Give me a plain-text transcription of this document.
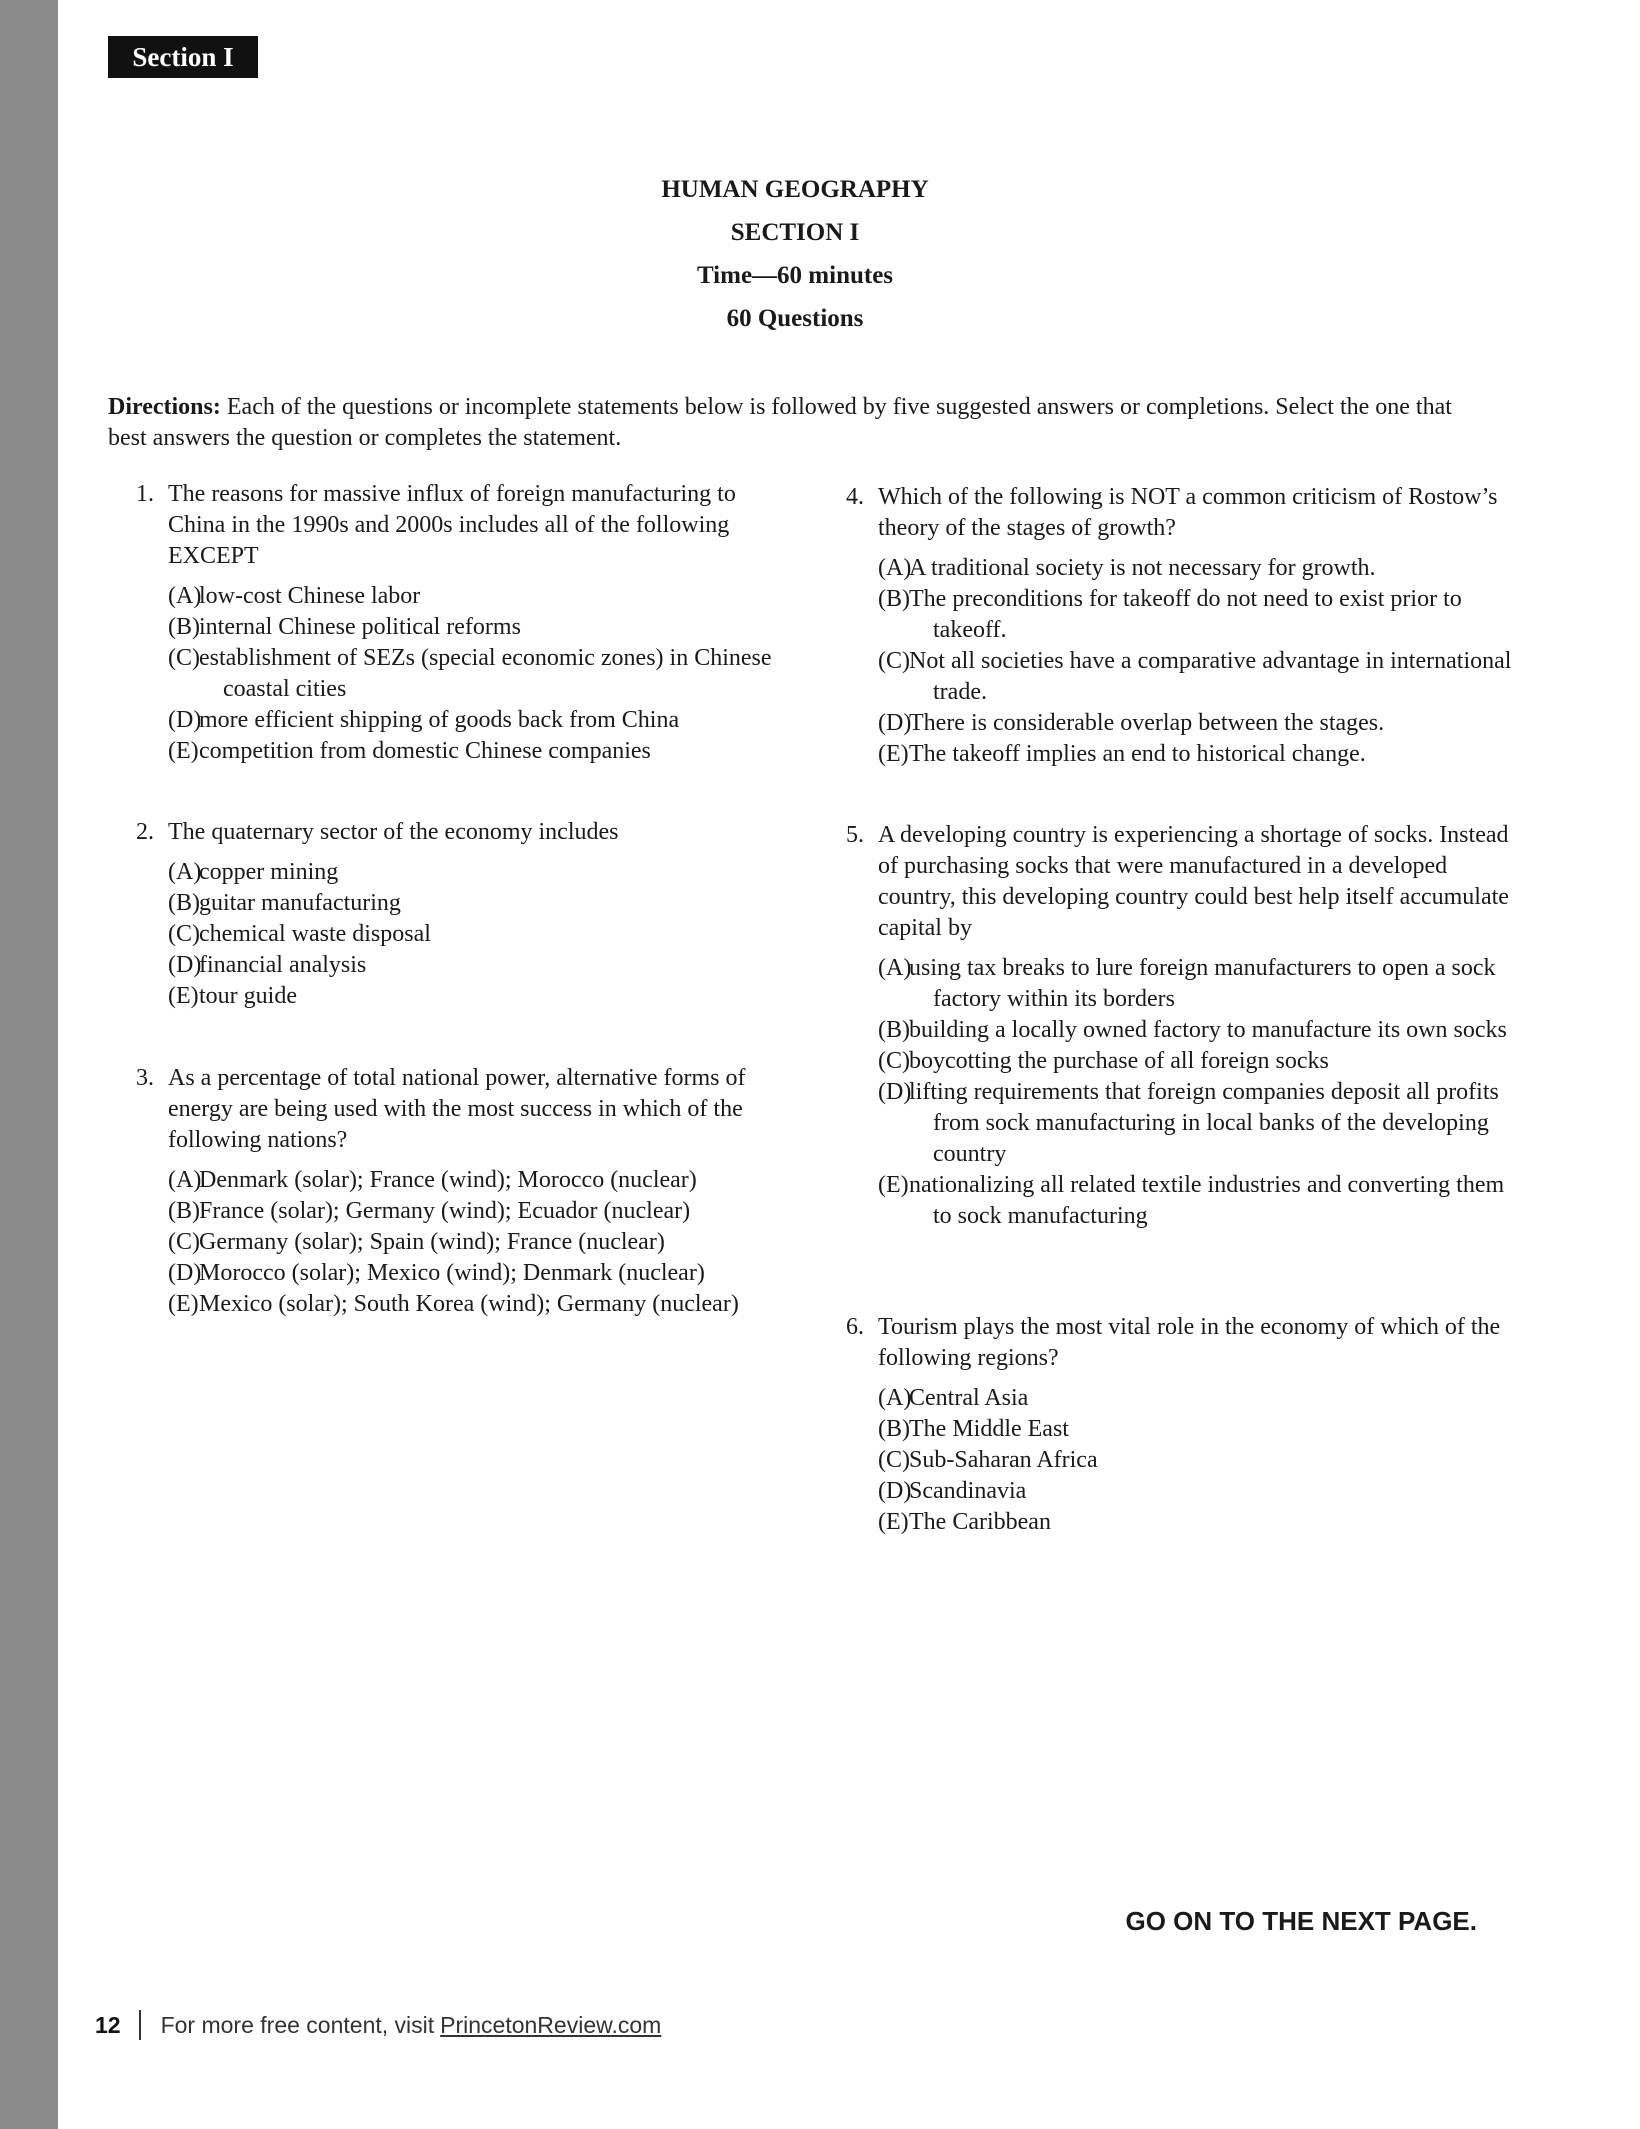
Section I
HUMAN GEOGRAPHY
SECTION I
Time—60 minutes
60 Questions
Directions: Each of the questions or incomplete statements below is followed by five suggested answers or completions. Select the one that best answers the question or completes the statement.
1. The reasons for massive influx of foreign manufacturing to China in the 1990s and 2000s includes all of the following EXCEPT
(A)
low-cost Chinese labor
(B) internal Chinese political reforms
(C) establishment of SEZs (special economic zones) in Chinese coastal cities
(D)
more efficient shipping of goods back from China
(E) competition from domestic Chinese companies
2. The quaternary sector of the economy includes
(A)
copper mining
(B) guitar manufacturing
(C) chemical waste disposal
(D)
financial analysis
(E) tour guide
3. As a percentage of total national power, alternative forms of energy are being used with the most success in which of the following nations?
(A)
Denmark (solar); France (wind); Morocco (nuclear)
(B) France (solar); Germany (wind); Ecuador (nuclear)
(C) Germany (solar); Spain (wind); France (nuclear)
(D)
Morocco (solar); Mexico (wind); Denmark (nuclear)
(E) Mexico (solar); South Korea (wind); Germany (nuclear)
4. Which of the following is NOT a common criticism of Rostow’s theory of the stages of growth?
(A)
A traditional society is not necessary for growth.
(B) The preconditions for takeoff do not need to exist prior to takeoff.
(C) Not all societies have a comparative advantage in international trade.
(D)
There is considerable overlap between the stages.
(E) The takeoff implies an end to historical change.
5. A developing country is experiencing a shortage of socks. Instead of purchasing socks that were manufactured in a developed country, this developing country could best help itself accumulate capital by
(A)
using tax breaks to lure foreign manufacturers to open a sock factory within its borders
(B) building a locally owned factory to manufacture its own socks
(C) boycotting the purchase of all foreign socks
(D)
lifting requirements that foreign companies deposit all profits from sock manufacturing in local banks of the developing country
(E) nationalizing all related textile industries and converting them to sock manufacturing
6. Tourism plays the most vital role in the economy of which of the following regions?
(A)
Central Asia
(B) The Middle East
(C) Sub-Saharan Africa
(D)
Scandinavia
(E) The Caribbean
GO ON TO THE NEXT PAGE.
12 For more free content, visit PrincetonReview.com
